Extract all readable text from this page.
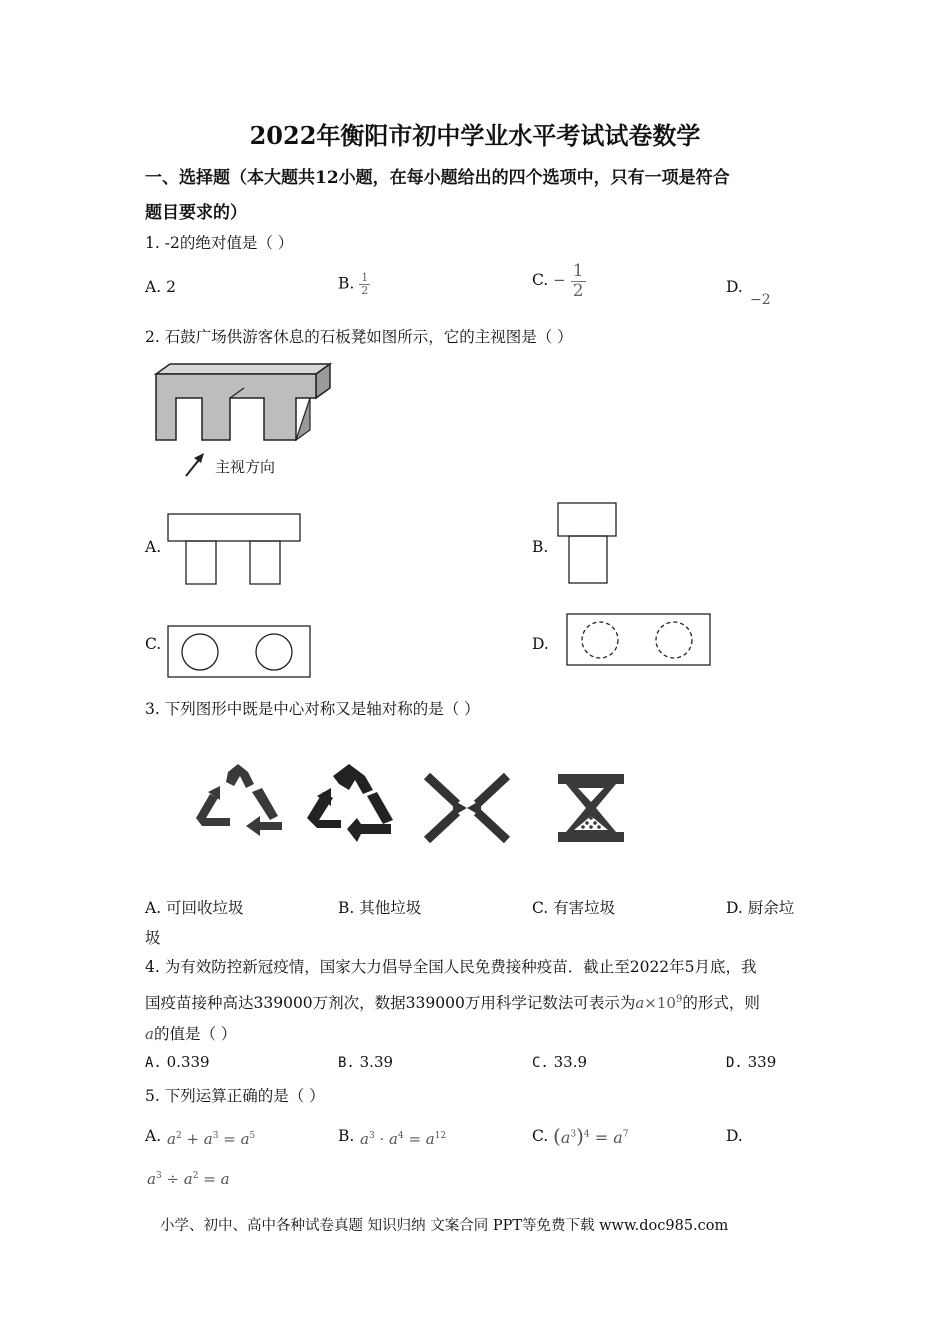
2022年衡阳市初中学业水平考试试卷数学
一、选择题（本大题共12小题，在每小题给出的四个选项中，只有一项是符合
题目要求的）
1. -2的绝对值是（ ）
A. 2	B. $\frac{1}{2}$	C. − $\frac{1}{2}$	D.
−2
2. 石鼓广场供游客休息的石板凳如图所示，它的主视图是（ ）
主视方向
A.	B.
C.	D.
3. 下列图形中既是中心对称又是轴对称的是（ ）
A. 可回收垃圾	B. 其他垃圾	C. 有害垃圾	D. 厨余垃
圾
4. 为有效防控新冠疫情，国家大力倡导全国人民免费接种疫苗．截止至2022年5月底，我
国疫苗接种高达339000万剂次，数据339000万用科学记数法可表示为$a\times 10^9$的形式，则
a的值是（ ）
A. 0.339	B. 3.39	C. 33.9	D. 339
5. 下列运算正确的是（ ）
A. $a^2 + a^3 = a^5$	B. $a^3 \cdot a^4 = a^{12}$	C. $(a^3)^4 = a^7$	D.
$a^3 \div a^2 = a$
小学、初中、高中各种试卷真题 知识归纳 文案合同 PPT等免费下载 www.doc985.com
